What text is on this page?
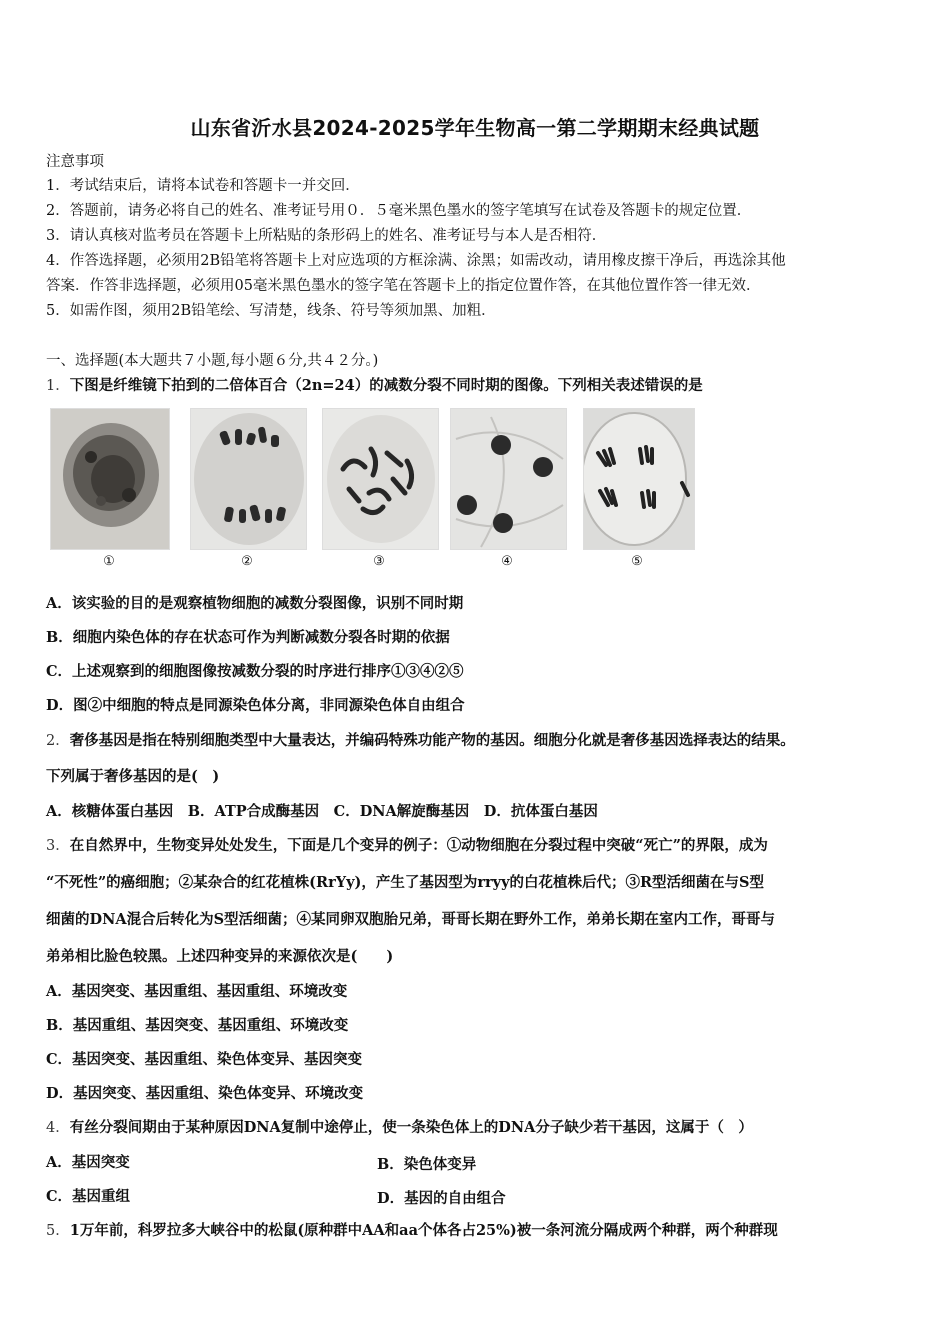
山东省沂水县2024-2025学年生物高一第二学期期末经典试题
注意事项
1．考试结束后，请将本试卷和答题卡一并交回．
2．答题前，请务必将自己的姓名、准考证号用０．５毫米黑色墨水的签字笔填写在试卷及答题卡的规定位置．
3．请认真核对监考员在答题卡上所粘贴的条形码上的姓名、准考证号与本人是否相符．
4．作答选择题，必须用2B铅笔将答题卡上对应选项的方框涂满、涂黑；如需改动，请用橡皮擦干净后，再选涂其他
答案．作答非选择题，必须用05毫米黑色墨水的签字笔在答题卡上的指定位置作答，在其他位置作答一律无效．
5．如需作图，须用2B铅笔绘、写清楚，线条、符号等须加黑、加粗．
一、选择题(本大题共７小题,每小题６分,共４２分。)
1．下图是纤维镜下拍到的二倍体百合（2n=24）的减数分裂不同时期的图像。下列相关表述错误的是
①	②	③	④	⑤
A．该实验的目的是观察植物细胞的减数分裂图像，识别不同时期
B．细胞内染色体的存在状态可作为判断减数分裂各时期的依据
C．上述观察到的细胞图像按减数分裂的时序进行排序①③④②⑤
D．图②中细胞的特点是同源染色体分离，非同源染色体自由组合
2．奢侈基因是指在特别细胞类型中大量表达，并编码特殊功能产物的基因。细胞分化就是奢侈基因选择表达的结果。
下列属于奢侈基因的是(　)
A．核糖体蛋白基因　B．ATP合成酶基因　C．DNA解旋酶基因　D．抗体蛋白基因
3．在自然界中，生物变异处处发生，下面是几个变异的例子：①动物细胞在分裂过程中突破“死亡”的界限，成为
“不死性”的癌细胞；②某杂合的红花植株(RrYy)，产生了基因型为rryy的白花植株后代；③R型活细菌在与S型
细菌的DNA混合后转化为S型活细菌；④某同卵双胞胎兄弟，哥哥长期在野外工作，弟弟长期在室内工作，哥哥与
弟弟相比脸色较黑。上述四种变异的来源依次是(　　)
A．基因突变、基因重组、基因重组、环境改变
B．基因重组、基因突变、基因重组、环境改变
C．基因突变、基因重组、染色体变异、基因突变
D．基因突变、基因重组、染色体变异、环境改变
4．有丝分裂间期由于某种原因DNA复制中途停止，使一条染色体上的DNA分子缺少若干基因，这属于（　）
A．基因突变	B．染色体变异
C．基因重组	D．基因的自由组合
5．1万年前，科罗拉多大峡谷中的松鼠(原种群中AA和aa个体各占25%)被一条河流分隔成两个种群，两个种群现
